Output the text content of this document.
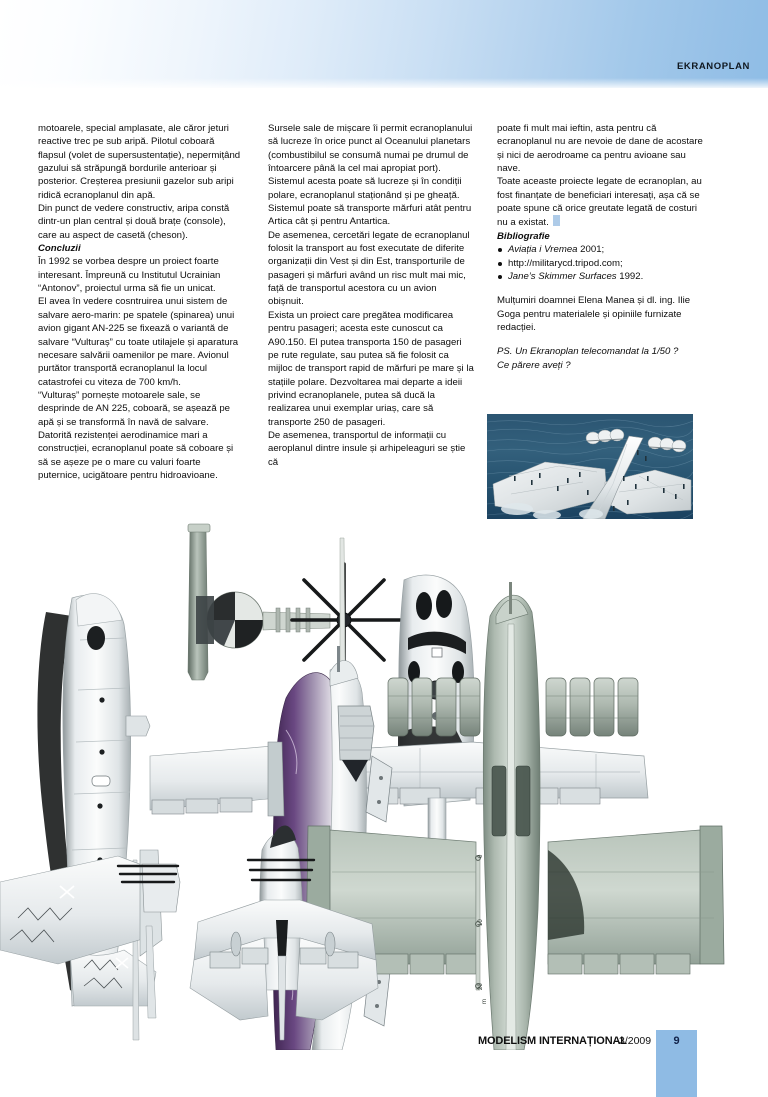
EKRANOPLAN

motoarele, special amplasate, ale căror jeturi reactive trec pe sub aripă. Pilotul coboară flapsul (volet de supersustentație), nepermițând gazului să străpungă bordurile anterioar și posterior. Creșterea presiunii gazelor sub aripi ridică ecranoplanul din apă.

Din punct de vedere constructiv, aripa constă dintr-un plan central și două brațe (console), care au aspect de casetă (cheson).

Concluzii

În 1992 se vorbea despre un proiect foarte interesant. Împreună cu Institutul Ucrainian “Antonov”, proiectul urma să fie un unicat.

El avea în vedere cosntruirea unui sistem de salvare aero-marin: pe spatele (spinarea) unui avion gigant AN-225 se fixează o variantă de salvare “Vulturaș” cu toate utilajele și aparatura necesare salvării oamenilor pe mare. Avionul purtător transportă ecranoplanul la locul catastrofei cu viteza de 700 km/h.

“Vulturaș” pornește motoarele sale, se desprinde de AN 225, coboară, se așează pe apă și se transformă în navă de salvare.

Datorită rezistenței aerodinamice mari a construcției, ecranoplanul poate să coboare și să se așeze pe o mare cu valuri foarte puternice, ucigătoare pentru hidroavioane.

Sursele sale de mișcare îi permit ecranoplanului să lucreze în orice punct al Oceanului planetars (combustibilul se consumă numai pe drumul de întoarcere până la cel mai apropiat port). Sistemul acesta poate să lucreze și în condiții polare, ecranoplanul staționând și pe gheață. Sistemul poate să transporte mărfuri atât pentru Artica cât și pentru Antartica.

De asemenea, cercetări legate de ecranoplanul folosit la transport au fost executate de diferite organizații din Vest și din Est, transporturile de pasageri și mărfuri având un risc mult mai mic, față de transportul acestora cu un avion obișnuit.

Exista un proiect care pregătea modificarea pentru pasageri; acesta este cunoscut ca A90.150. El putea transporta 150 de pasageri pe rute regulate, sau putea să fie folosit ca mijloc de transport rapid de mărfuri pe mare și la stațiile polare. Dezvoltarea mai departe a ideii privind ecranoplanele, putea să ducă la realizarea unui exemplar uriaș, care să transporte 250 de pasageri.

De asemenea, transportul de informații cu aeroplanul dintre insule și arhipeleaguri se știe că

poate fi mult mai ieftin, asta pentru că ecranoplanul nu are nevoie de dane de acostare și nici de aerodroame ca pentru avioane sau nave.

Toate aceaste proiecte legate de ecranoplan, au fost finanțate de beneficiari interesați, așa că se poate spune că orice greutate legată de costuri nu a existat.

Bibliografie

Aviația i Vremea 2001;
http://militarycd.tripod.com;
Jane’s Skimmer Surfaces 1992.

Mulțumiri doamnei Elena Manea și dl. ing. Ilie Goga pentru materialele și opiniile furnizate redacției.

PS. Un Ekranoplan telecomandat la 1/50 ?

Ce părere aveți ?

0
10
20
m
MODELISM INTERNAȚIONAL
3/2009	9
